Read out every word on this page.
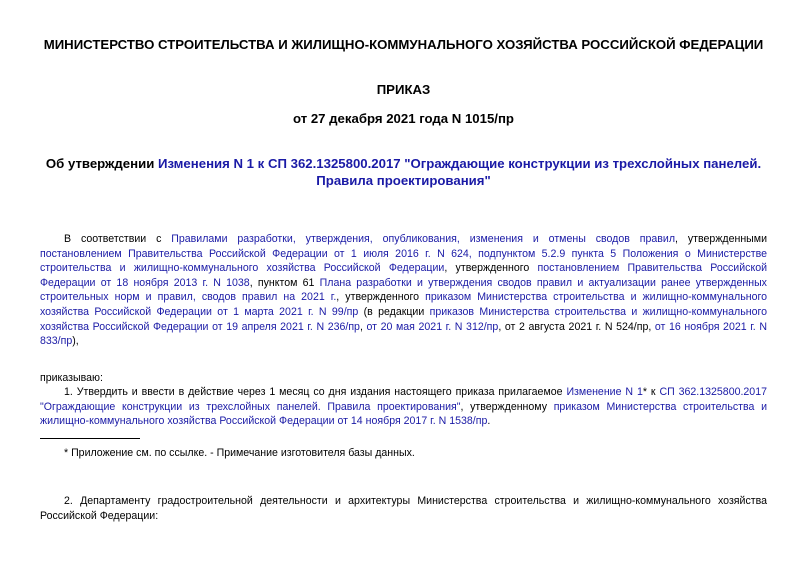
МИНИСТЕРСТВО СТРОИТЕЛЬСТВА И ЖИЛИЩНО-КОММУНАЛЬНОГО ХОЗЯЙСТВА РОССИЙСКОЙ ФЕДЕРАЦИИ
ПРИКАЗ
от 27 декабря 2021 года N 1015/пр
Об утверждении Изменения N 1 к СП 362.1325800.2017 "Ограждающие конструкции из трехслойных панелей. Правила проектирования"
В соответствии с Правилами разработки, утверждения, опубликования, изменения и отмены сводов правил, утвержденными постановлением Правительства Российской Федерации от 1 июля 2016 г. N 624, подпунктом 5.2.9 пункта 5 Положения о Министерстве строительства и жилищно-коммунального хозяйства Российской Федерации, утвержденного постановлением Правительства Российской Федерации от 18 ноября 2013 г. N 1038, пунктом 61 Плана разработки и утверждения сводов правил и актуализации ранее утвержденных строительных норм и правил, сводов правил на 2021 г., утвержденного приказом Министерства строительства и жилищно-коммунального хозяйства Российской Федерации от 1 марта 2021 г. N 99/пр (в редакции приказов Министерства строительства и жилищно-коммунального хозяйства Российской Федерации от 19 апреля 2021 г. N 236/пр, от 20 мая 2021 г. N 312/пр, от 2 августа 2021 г. N 524/пр, от 16 ноября 2021 г. N 833/пр),
приказываю:
1. Утвердить и ввести в действие через 1 месяц со дня издания настоящего приказа прилагаемое Изменение N 1* к СП 362.1325800.2017 "Ограждающие конструкции из трехслойных панелей. Правила проектирования", утвержденному приказом Министерства строительства и жилищно-коммунального хозяйства Российской Федерации от 14 ноября 2017 г. N 1538/пр.
* Приложение см. по ссылке. - Примечание изготовителя базы данных.
2. Департаменту градостроительной деятельности и архитектуры Министерства строительства и жилищно-коммунального хозяйства Российской Федерации:
